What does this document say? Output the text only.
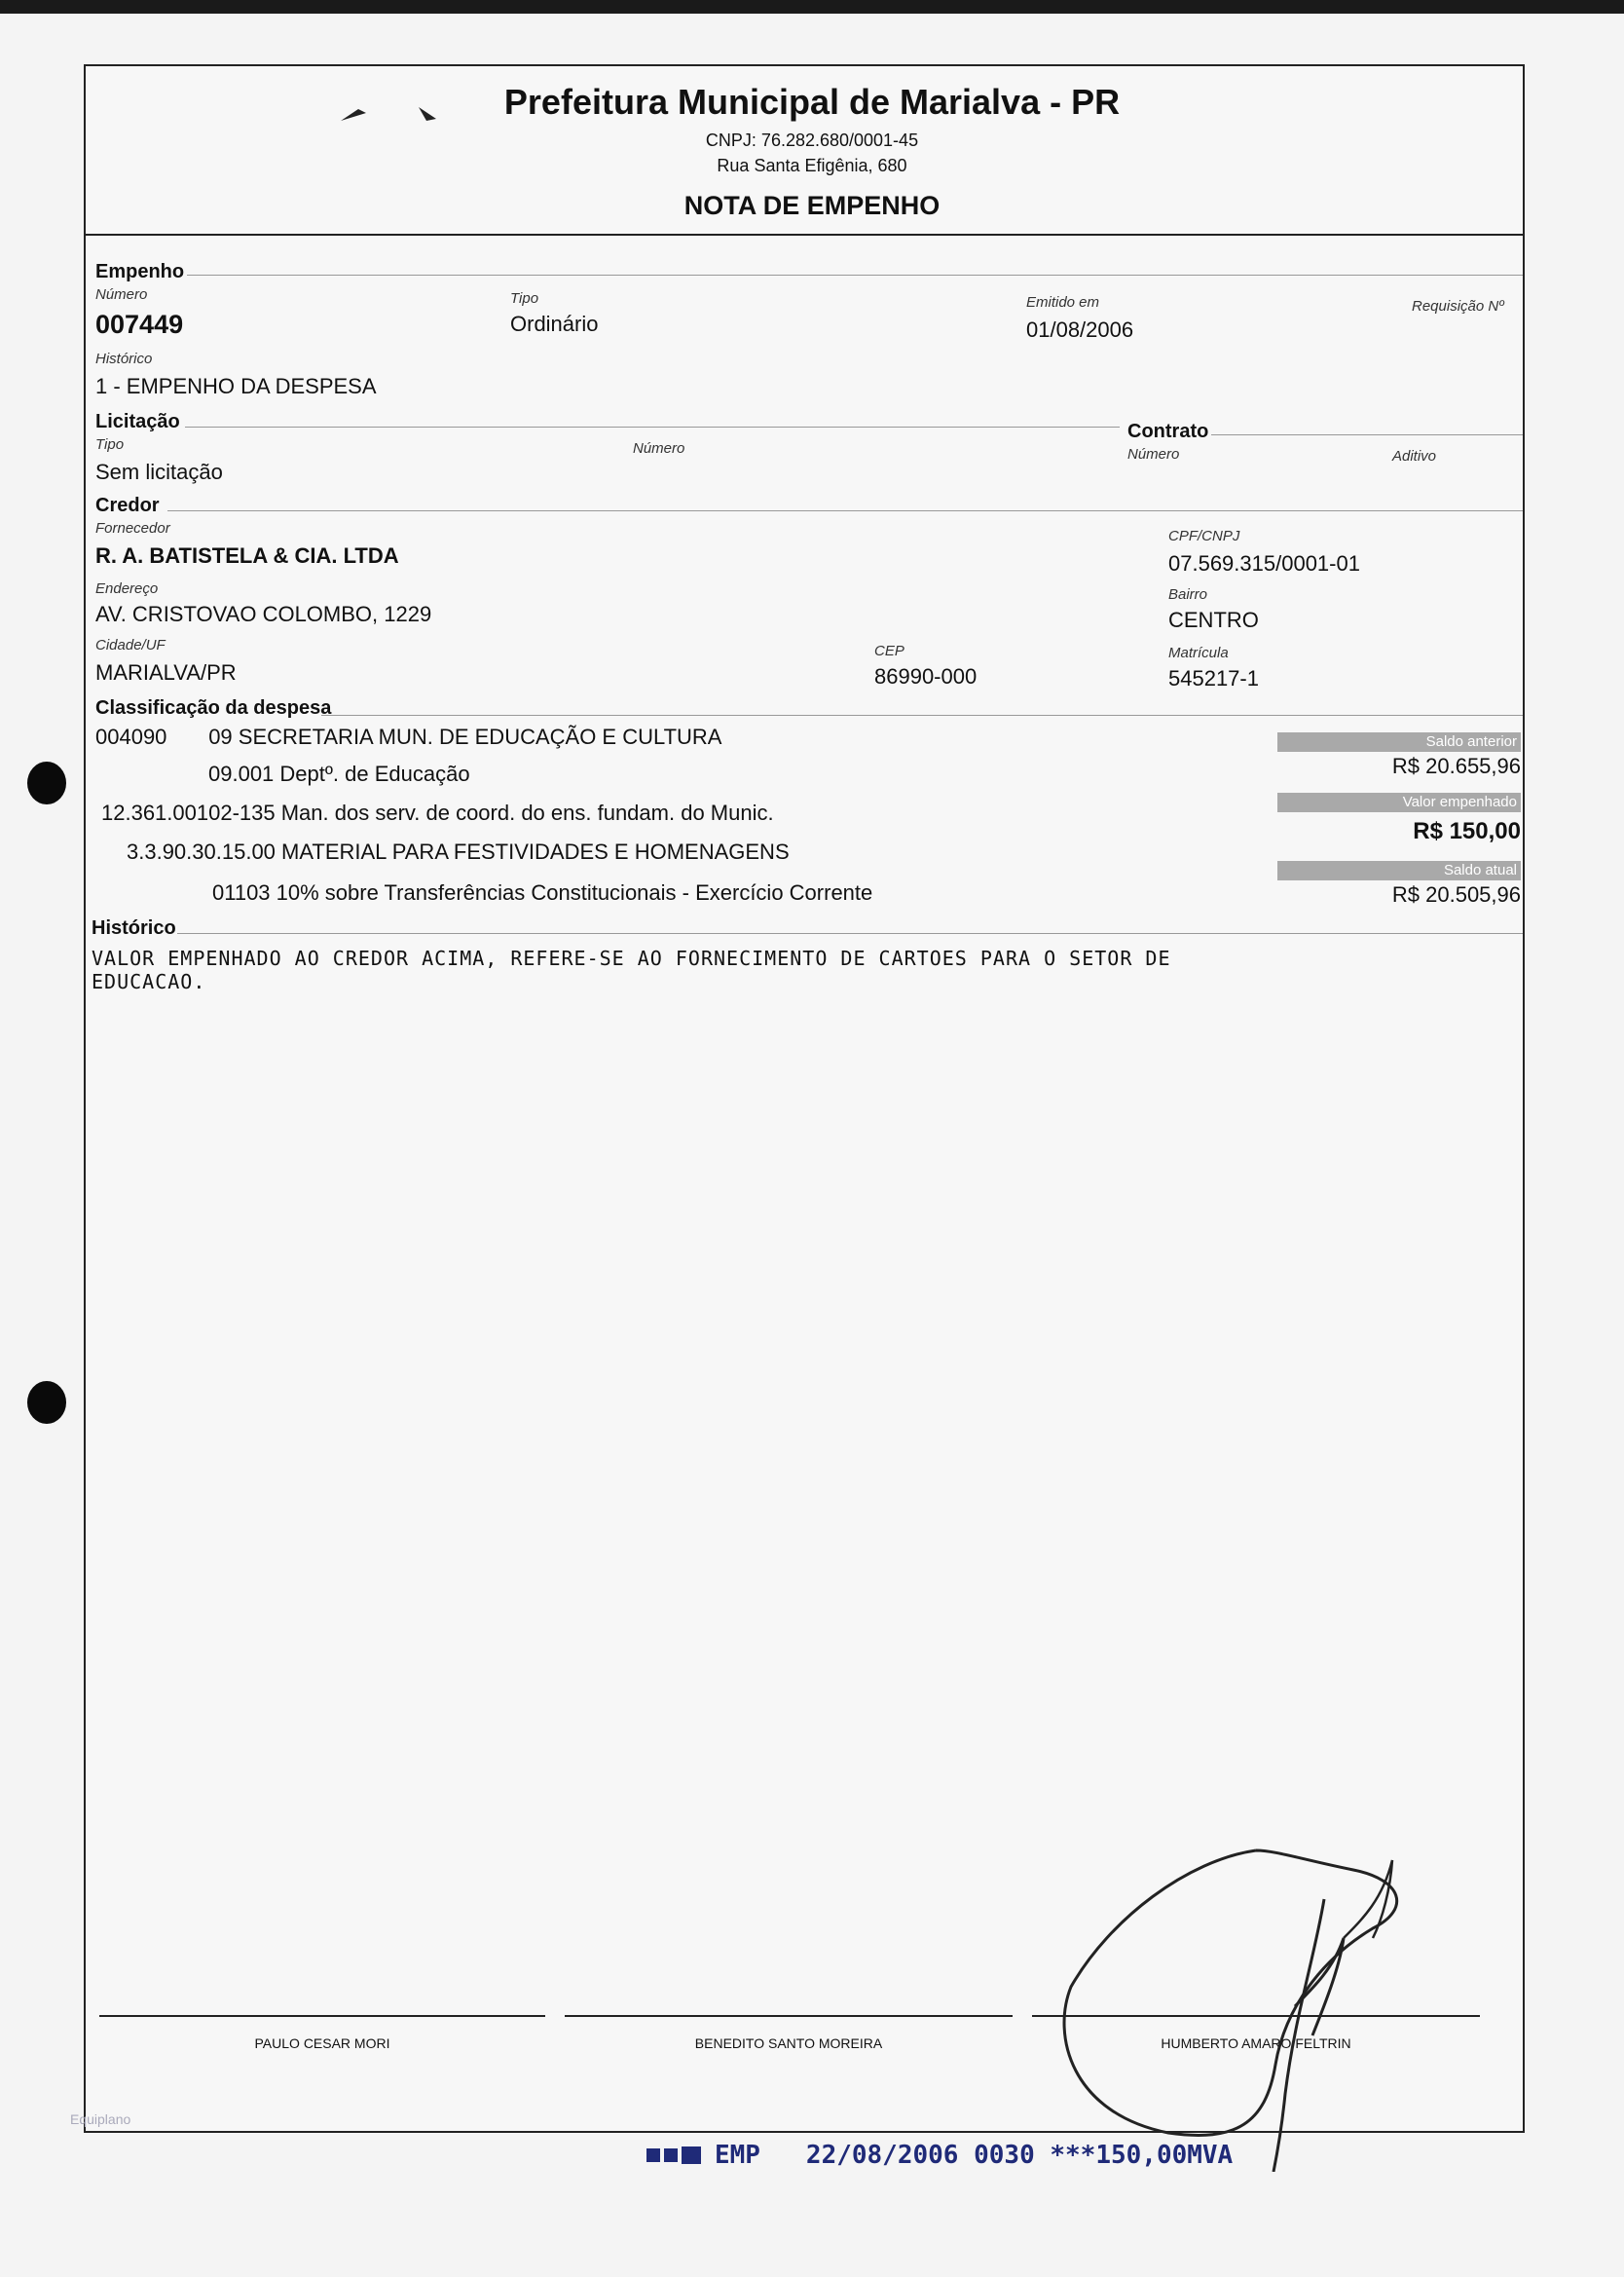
Prefeitura Municipal de Marialva - PR
CNPJ: 76.282.680/0001-45
Rua Santa Efigênia, 680
NOTA DE EMPENHO
Empenho
Número
007449
Tipo
Ordinário
Emitido em
01/08/2006
Requisição Nº
Histórico
1 - EMPENHO DA DESPESA
Licitação
Tipo
Sem licitação
Número
Contrato
Número	Aditivo
Credor
Fornecedor
R. A. BATISTELA & CIA. LTDA
CPF/CNPJ
07.569.315/0001-01
Endereço
AV. CRISTOVAO COLOMBO, 1229
Bairro
CENTRO
Cidade/UF
MARIALVA/PR
CEP
86990-000
Matrícula
545217-1
Classificação da despesa
004090       09 SECRETARIA MUN. DE EDUCAÇÃO E CULTURA
09.001 Deptº. de Educação
12.361.00102-135 Man. dos serv. de coord. do ens. fundam. do Munic.
3.3.90.30.15.00 MATERIAL PARA FESTIVIDADES E HOMENAGENS
01103 10% sobre Transferências Constitucionais - Exercício Corrente
Saldo anterior
R$ 20.655,96
Valor empenhado
R$ 150,00
Saldo atual
R$ 20.505,96
Histórico
VALOR EMPENHADO AO CREDOR ACIMA, REFERE-SE AO FORNECIMENTO DE CARTOES PARA O SETOR DE
EDUCACAO.
PAULO CESAR MORI	BENEDITO SANTO MOREIRA	HUMBERTO AMARO FELTRIN
Equiplano
EMP   22/08/2006 0030 ***150,00MVA
